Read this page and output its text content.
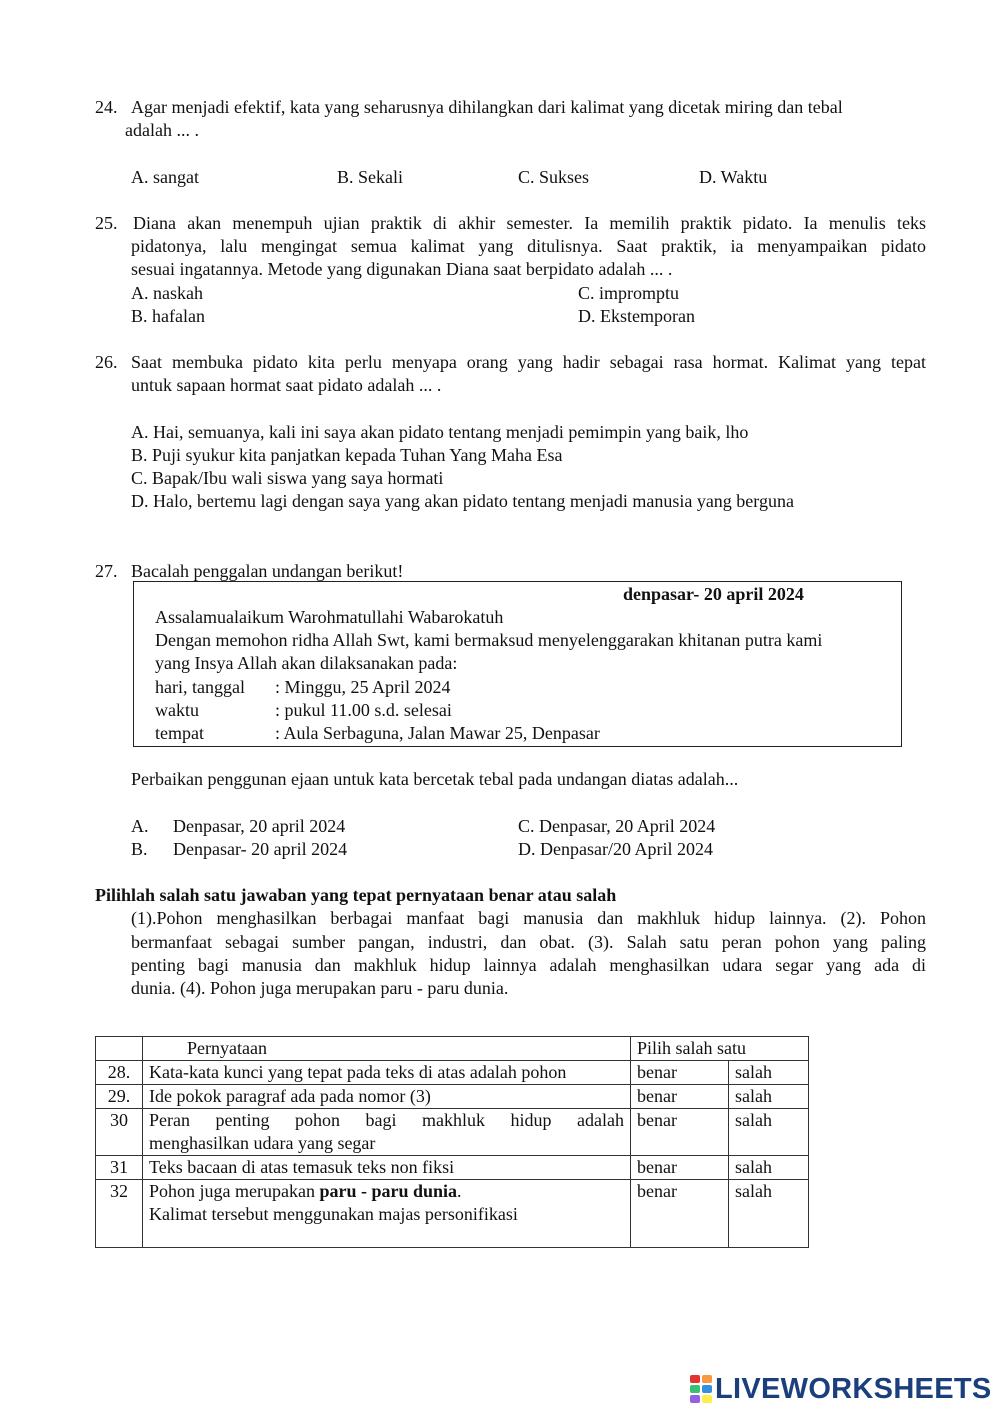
24. Agar menjadi efektif, kata yang seharusnya dihilangkan dari kalimat yang dicetak miring dan tebal
adalah ... .
A. sangat	B. Sekali	C. Sukses	D. Waktu
25. Diana akan menempuh ujian praktik di akhir semester. Ia memilih praktik pidato. Ia menulis teks
pidatonya, lalu mengingat semua kalimat yang ditulisnya. Saat praktik, ia menyampaikan pidato
sesuai ingatannya. Metode yang digunakan Diana saat berpidato adalah ... .
A. naskah	C. impromptu
B. hafalan	D. Ekstemporan
26. Saat membuka pidato kita perlu menyapa orang yang hadir sebagai rasa hormat. Kalimat yang tepat
untuk sapaan hormat saat pidato adalah ... .
A. Hai, semuanya, kali ini saya akan pidato tentang menjadi pemimpin yang baik, lho
B. Puji syukur kita panjatkan kepada Tuhan Yang Maha Esa
C. Bapak/Ibu wali siswa yang saya hormati
D. Halo, bertemu lagi dengan saya yang akan pidato tentang menjadi manusia yang berguna
27. Bacalah penggalan undangan berikut!
denpasar- 20 april 2024
Assalamualaikum Warohmatullahi Wabarokatuh
Dengan memohon ridha Allah Swt, kami bermaksud menyelenggarakan khitanan putra kami
yang Insya Allah akan dilaksanakan pada:
hari, tanggal : Minggu, 25 April 2024
waktu	: pukul 11.00 s.d. selesai
tempat	: Aula Serbaguna, Jalan Mawar 25, Denpasar
Perbaikan penggunan ejaan untuk kata bercetak tebal pada undangan diatas adalah...
A. Denpasar, 20 april 2024	C. Denpasar, 20 April 2024
B. Denpasar- 20 april 2024	D. Denpasar/20 April 2024
Pilihlah salah satu jawaban yang tepat pernyataan benar atau salah
(1).Pohon menghasilkan berbagai manfaat bagi manusia dan makhluk hidup lainnya. (2). Pohon
bermanfaat sebagai sumber pangan, industri, dan obat. (3). Salah satu peran pohon yang paling
penting bagi manusia dan makhluk hidup lainnya adalah menghasilkan udara segar yang ada di
dunia. (4). Pohon juga merupakan paru - paru dunia.
	Pernyataan	Pilih salah satu	
28.	Kata-kata kunci yang tepat pada teks di atas adalah pohon	benar	salah
29.	Ide pokok paragraf ada pada nomor (3)	benar	salah
30	Peran penting pohon bagi makhluk hidup adalah
menghasilkan udara yang segar	benar	salah
31	Teks bacaan di atas temasuk teks non fiksi	benar	salah
32	Pohon juga merupakan paru - paru dunia.
Kalimat tersebut menggunakan majas personifikasi	benar	salah
LIVEWORKSHEETS
